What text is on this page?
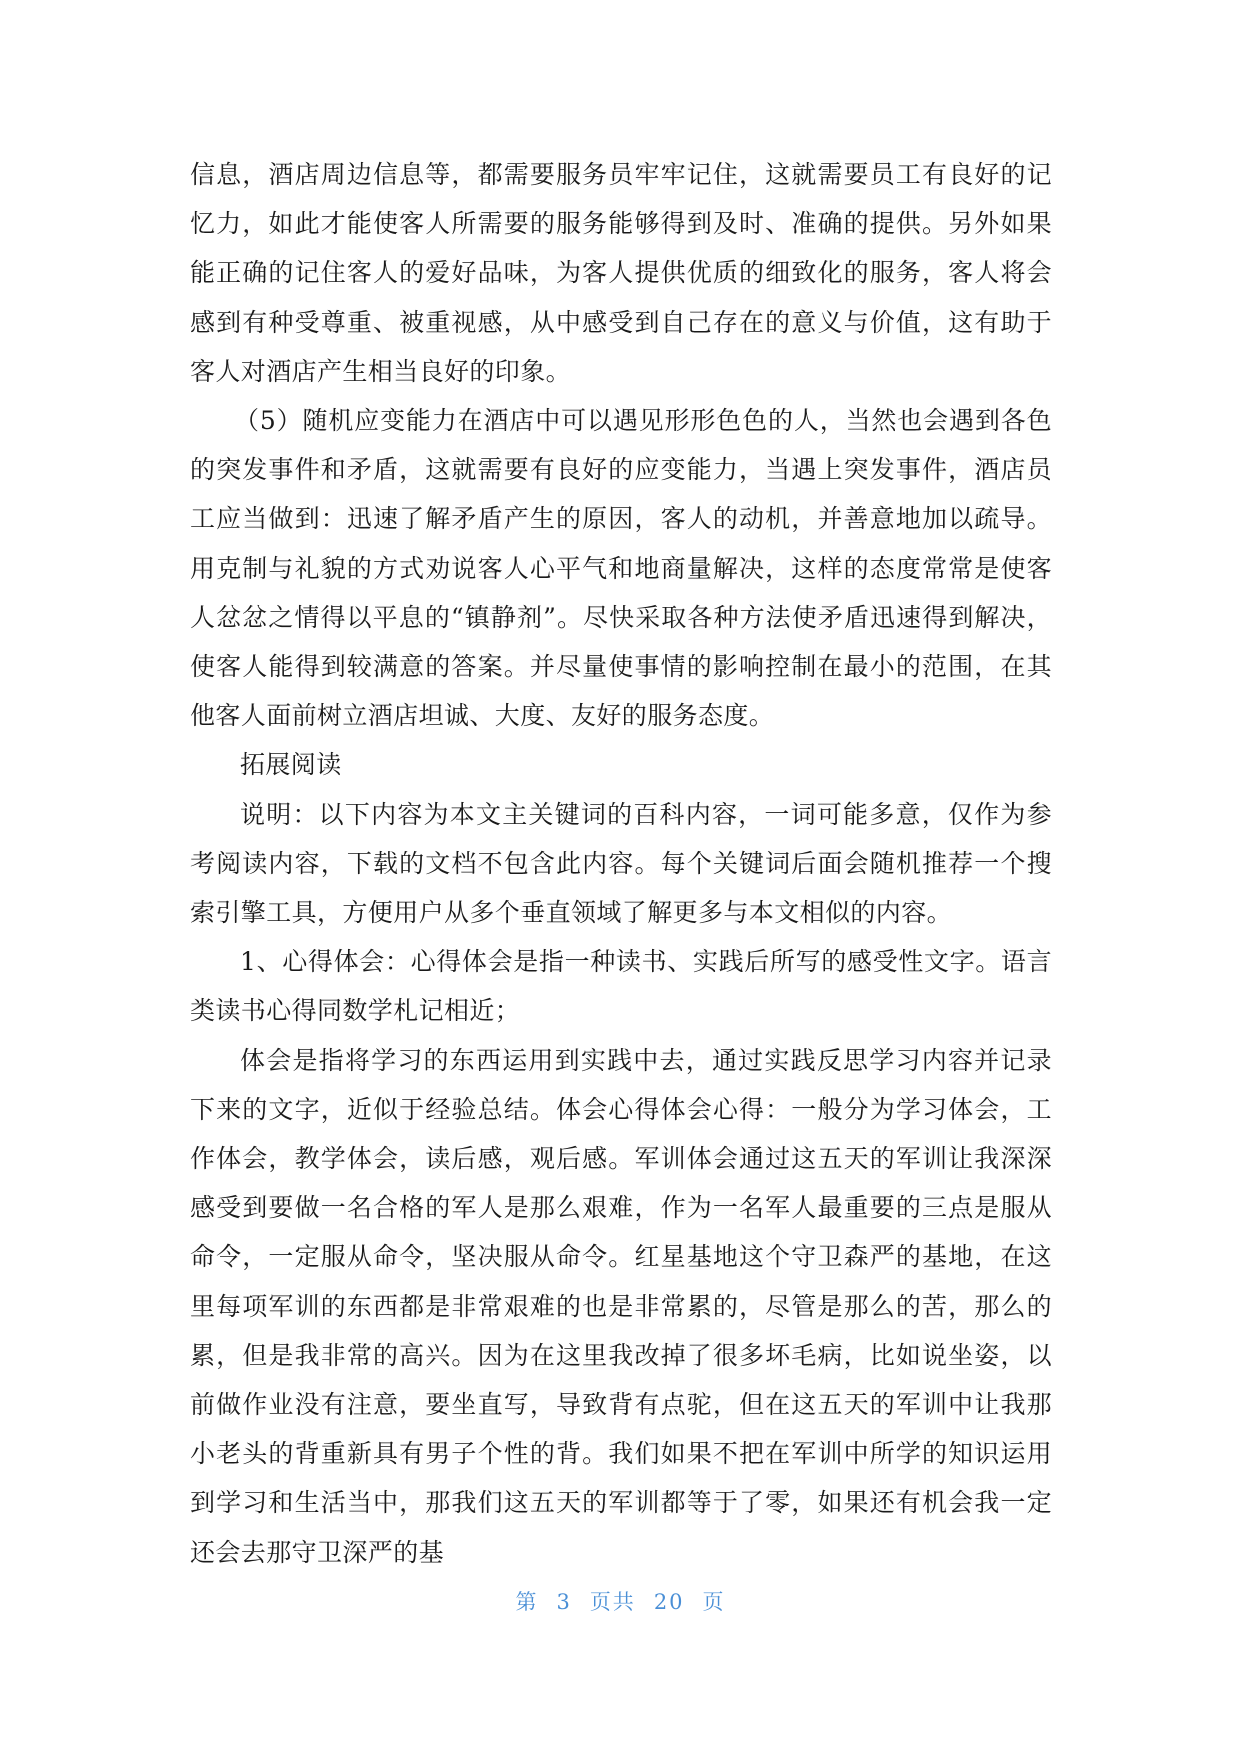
信息，酒店周边信息等，都需要服务员牢牢记住，这就需要员工有良好的记忆力，如此才能使客人所需要的服务能够得到及时、准确的提供。另外如果能正确的记住客人的爱好品味，为客人提供优质的细致化的服务，客人将会感到有种受尊重、被重视感，从中感受到自己存在的意义与价值，这有助于客人对酒店产生相当良好的印象。

（5）随机应变能力在酒店中可以遇见形形色色的人，当然也会遇到各色的突发事件和矛盾，这就需要有良好的应变能力，当遇上突发事件，酒店员工应当做到：迅速了解矛盾产生的原因，客人的动机，并善意地加以疏导。用克制与礼貌的方式劝说客人心平气和地商量解决，这样的态度常常是使客人忿忿之情得以平息的“镇静剂”。尽快采取各种方法使矛盾迅速得到解决，使客人能得到较满意的答案。并尽量使事情的影响控制在最小的范围，在其他客人面前树立酒店坦诚、大度、友好的服务态度。

拓展阅读

说明：以下内容为本文主关键词的百科内容，一词可能多意，仅作为参考阅读内容，下载的文档不包含此内容。每个关键词后面会随机推荐一个搜索引擎工具，方便用户从多个垂直领域了解更多与本文相似的内容。

1、心得体会：心得体会是指一种读书、实践后所写的感受性文字。语言类读书心得同数学札记相近；

体会是指将学习的东西运用到实践中去，通过实践反思学习内容并记录下来的文字，近似于经验总结。体会心得体会心得：一般分为学习体会，工作体会，教学体会，读后感，观后感。军训体会通过这五天的军训让我深深感受到要做一名合格的军人是那么艰难，作为一名军人最重要的三点是服从命令，一定服从命令，坚决服从命令。红星基地这个守卫森严的基地，在这里每项军训的东西都是非常艰难的也是非常累的，尽管是那么的苦，那么的累，但是我非常的高兴。因为在这里我改掉了很多坏毛病，比如说坐姿，以前做作业没有注意，要坐直写，导致背有点驼，但在这五天的军训中让我那小老头的背重新具有男子个性的背。我们如果不把在军训中所学的知识运用到学习和生活当中，那我们这五天的军训都等于了零，如果还有机会我一定还会去那守卫深严的基

第 3 页共 20 页
